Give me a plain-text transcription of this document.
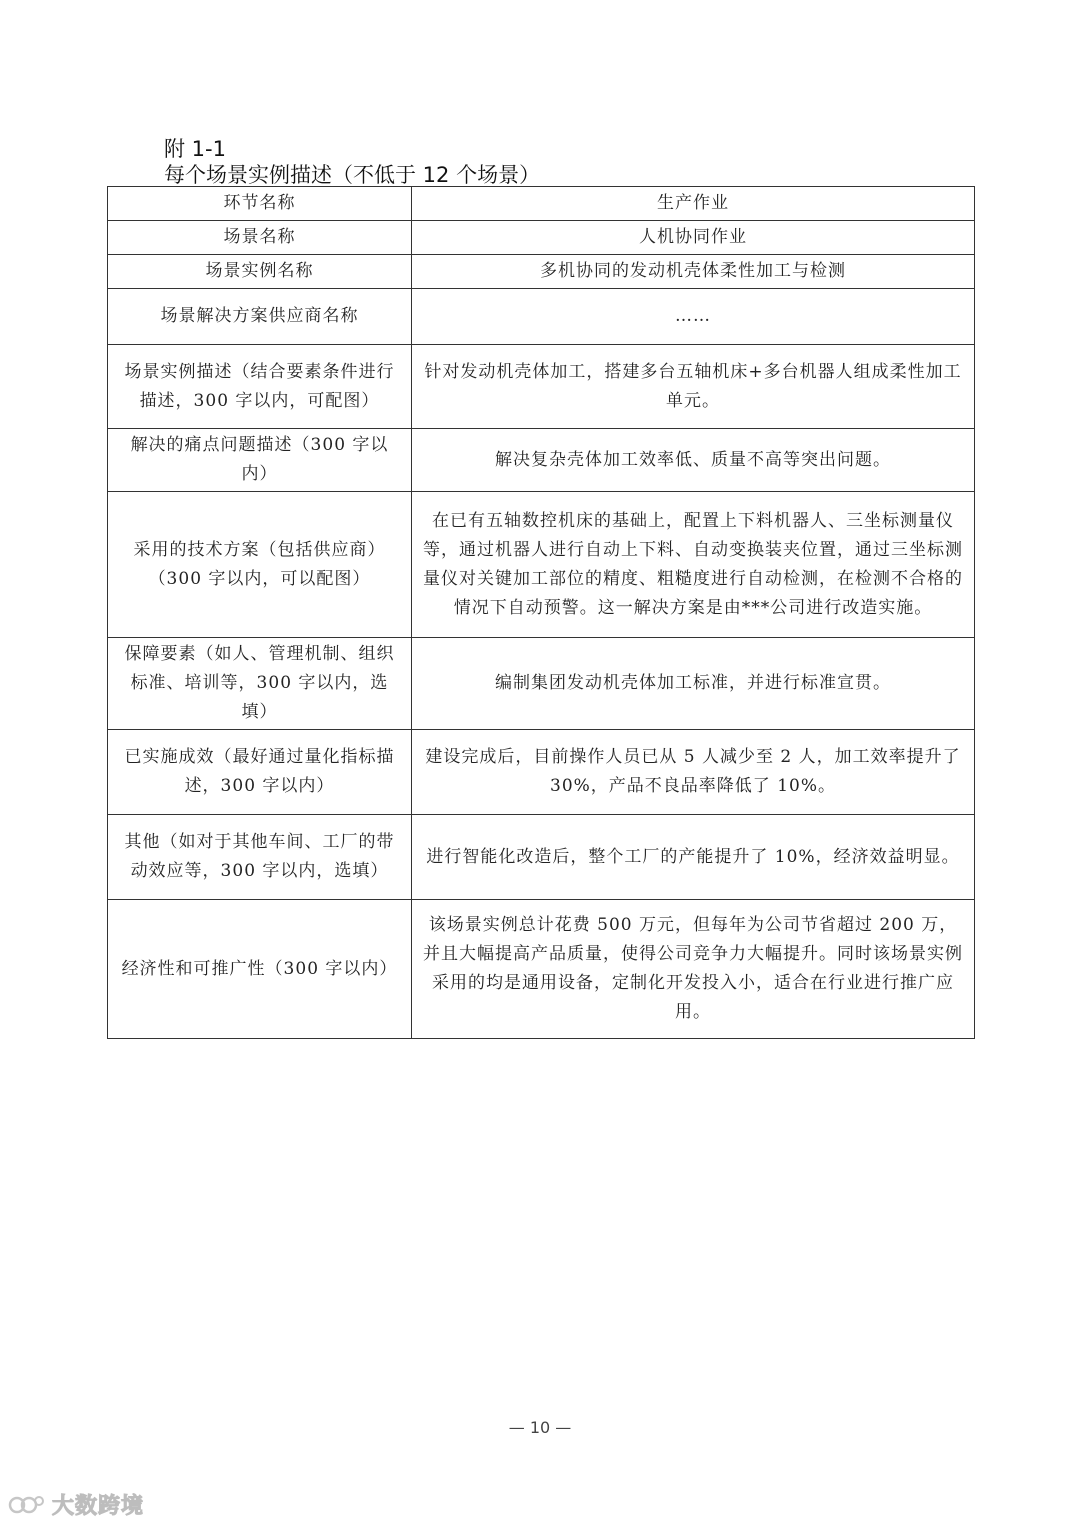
附 1-1
每个场景实例描述（不低于 12 个场景）
环节名称	生产作业
场景名称	人机协同作业
场景实例名称	多机协同的发动机壳体柔性加工与检测
场景解决方案供应商名称	……
场景实例描述（结合要素条件进行描述，300 字以内，可配图）	针对发动机壳体加工，搭建多台五轴机床+多台机器人组成柔性加工单元。
解决的痛点问题描述（300 字以内）	解决复杂壳体加工效率低、质量不高等突出问题。
采用的技术方案（包括供应商）（300 字以内，可以配图）	在已有五轴数控机床的基础上，配置上下料机器人、三坐标测量仪等，通过机器人进行自动上下料、自动变换装夹位置，通过三坐标测量仪对关键加工部位的精度、粗糙度进行自动检测，在检测不合格的情况下自动预警。这一解决方案是由***公司进行改造实施。
保障要素（如人、管理机制、组织标准、培训等，300 字以内，选填）	编制集团发动机壳体加工标准，并进行标准宣贯。
已实施成效（最好通过量化指标描述，300 字以内）	建设完成后，目前操作人员已从 5 人减少至 2 人，加工效率提升了 30%，产品不良品率降低了 10%。
其他（如对于其他车间、工厂的带动效应等，300 字以内，选填）	进行智能化改造后，整个工厂的产能提升了 10%，经济效益明显。
经济性和可推广性（300 字以内）	该场景实例总计花费 500 万元，但每年为公司节省超过 200 万，并且大幅提高产品质量，使得公司竞争力大幅提升。同时该场景实例采用的均是通用设备，定制化开发投入小，适合在行业进行推广应用。
— 10 —
大数跨境
